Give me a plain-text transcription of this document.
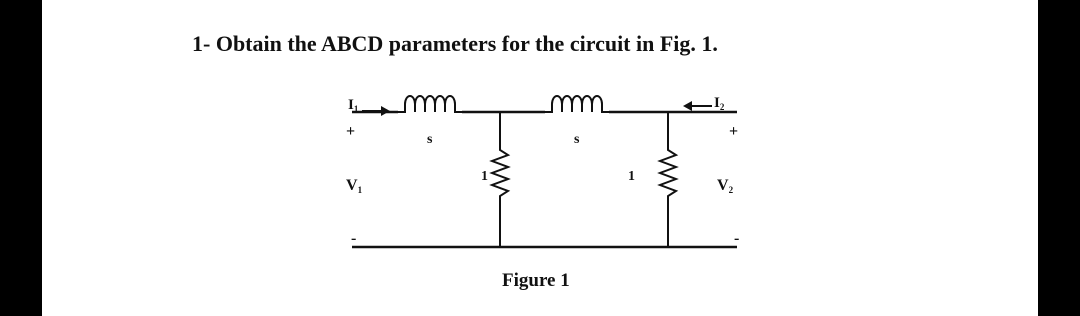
1- Obtain the ABCD parameters for the circuit in Fig. 1.

$I_1$	$I_2$
+	+
-	-
V1	V2
s	s
1	1
Figure 1
